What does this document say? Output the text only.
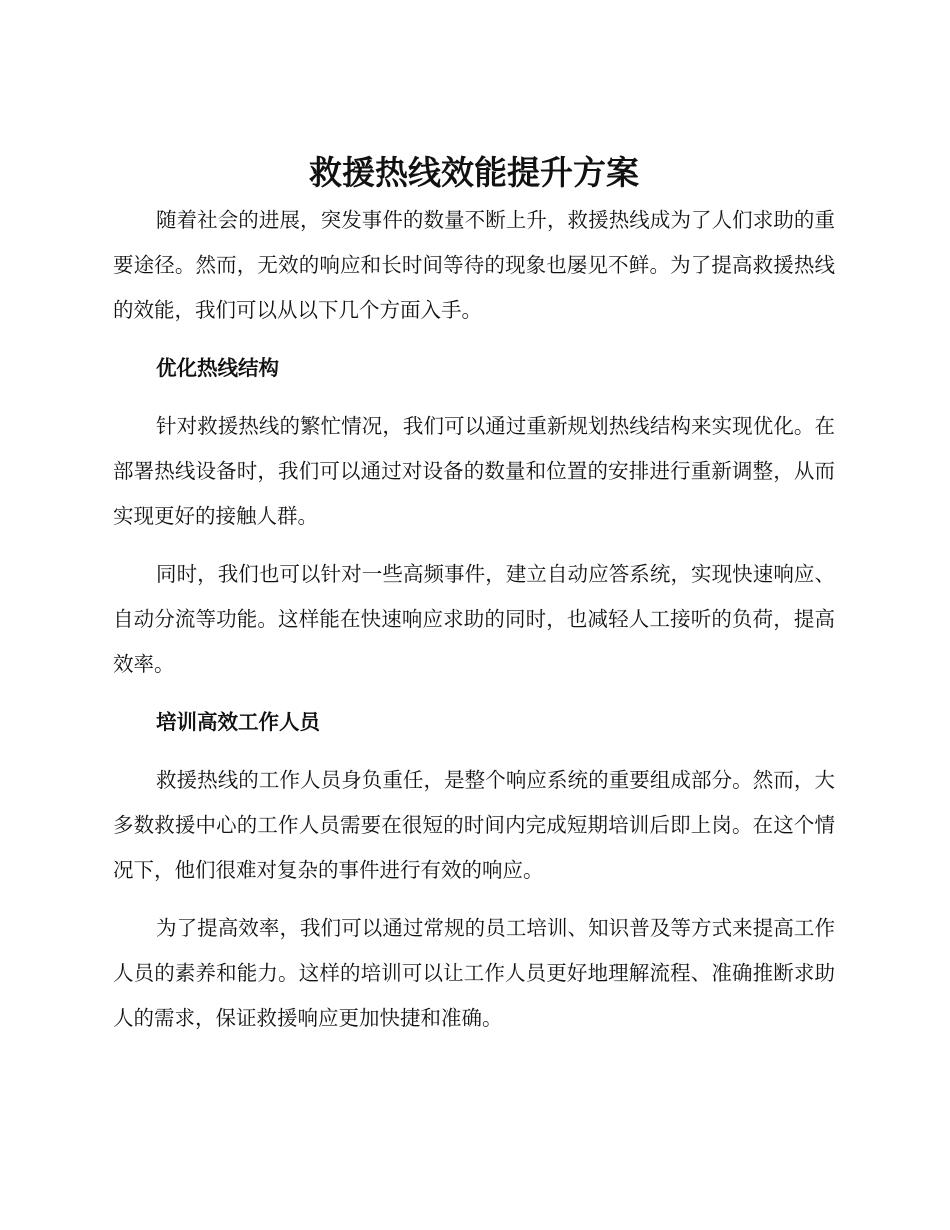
救援热线效能提升方案

随着社会的进展，突发事件的数量不断上升，救援热线成为了人们求助的重要途径。然而，无效的响应和长时间等待的现象也屡见不鲜。为了提高救援热线的效能，我们可以从以下几个方面入手。

优化热线结构

针对救援热线的繁忙情况，我们可以通过重新规划热线结构来实现优化。在部署热线设备时，我们可以通过对设备的数量和位置的安排进行重新调整，从而实现更好的接触人群。

同时，我们也可以针对一些高频事件，建立自动应答系统，实现快速响应、自动分流等功能。这样能在快速响应求助的同时，也减轻人工接听的负荷，提高效率。

培训高效工作人员

救援热线的工作人员身负重任，是整个响应系统的重要组成部分。然而，大多数救援中心的工作人员需要在很短的时间内完成短期培训后即上岗。在这个情况下，他们很难对复杂的事件进行有效的响应。

为了提高效率，我们可以通过常规的员工培训、知识普及等方式来提高工作人员的素养和能力。这样的培训可以让工作人员更好地理解流程、准确推断求助人的需求，保证救援响应更加快捷和准确。
